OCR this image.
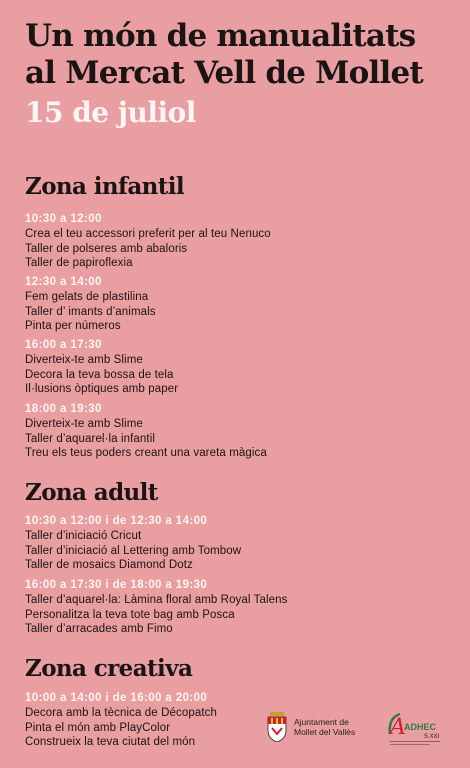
Un món de manualitats
al Mercat Vell de Mollet
15 de juliol
Zona infantil
10:30 a 12:00
Crea el teu accessori preferit per al teu Nenuco
Taller de polseres amb abaloris
Taller de papiroflexia
12:30 a 14:00
Fem gelats de plastilina
Taller d’ imants d’animals
Pinta per números
16:00 a 17:30
Diverteix-te amb Slime
Decora la teva bossa de tela
Il·lusions òptiques amb paper
18:00 a 19:30
Diverteix-te amb Slime
Taller d’aquarel·la infantil
Treu els teus poders creant una vareta màgica
Zona adult
10:30 a 12:00 i de 12:30 a 14:00
Taller d’iniciació Cricut
Taller d’iniciació al Lettering amb Tombow
Taller de mosaics Diamond Dotz
16:00 a 17:30 i de 18:00 a 19:30
Taller d’aquarel·la: Làmina floral amb Royal Talens
Personalitza la teva tote bag amb Posca
Taller d’arracades amb Fimo
Zona creativa
10:00 a 14:00 i de 16:00 a 20:00
Decora amb la tècnica de Décopatch
Pinta el món amb PlayColor
Construeix la teva ciutat del món
Ajuntament de
Mollet del Vallès A
ADHEC
S.XXI
